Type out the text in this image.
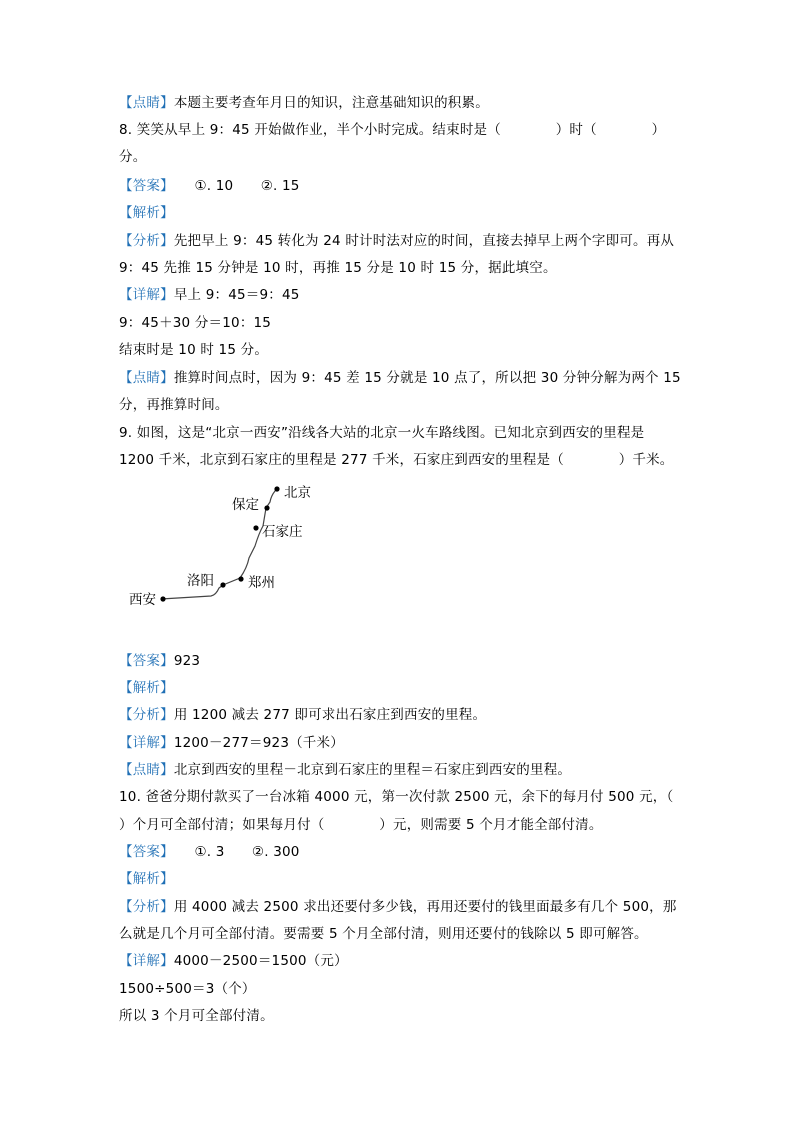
【点睛】本题主要考查年月日的知识，注意基础知识的积累。
8. 笑笑从早上 9：45 开始做作业，半个小时完成。结束时是（　　　　）时（　　　　）
分。
【答案】　　①. 10　　②. 15
【解析】
【分析】先把早上 9：45 转化为 24 时计时法对应的时间，直接去掉早上两个字即可。再从
9：45 先推 15 分钟是 10 时，再推 15 分是 10 时 15 分，据此填空。
【详解】早上 9：45＝9：45
9：45＋30 分＝10：15
结束时是 10 时 15 分。
【点睛】推算时间点时，因为 9：45 差 15 分就是 10 点了，所以把 30 分钟分解为两个 15
分，再推算时间。
9. 如图，这是“北京一西安”沿线各大站的北京一火车路线图。已知北京到西安的里程是
1200 千米，北京到石家庄的里程是 277 千米，石家庄到西安的里程是（　　　　）千米。
北京
保定
石家庄
郑州
洛阳
西安
【答案】923
【解析】
【分析】用 1200 减去 277 即可求出石家庄到西安的里程。
【详解】1200－277＝923（千米）
【点睛】北京到西安的里程－北京到石家庄的里程＝石家庄到西安的里程。
10. 爸爸分期付款买了一台冰箱 4000 元，第一次付款 2500 元，余下的每月付 500 元，（
）个月可全部付清；如果每月付（　　　　）元，则需要 5 个月才能全部付清。
【答案】　　①. 3　　②. 300
【解析】
【分析】用 4000 减去 2500 求出还要付多少钱，再用还要付的钱里面最多有几个 500，那
么就是几个月可全部付清。要需要 5 个月全部付清，则用还要付的钱除以 5 即可解答。
【详解】4000－2500＝1500（元）
1500÷500＝3（个）
所以 3 个月可全部付清。
